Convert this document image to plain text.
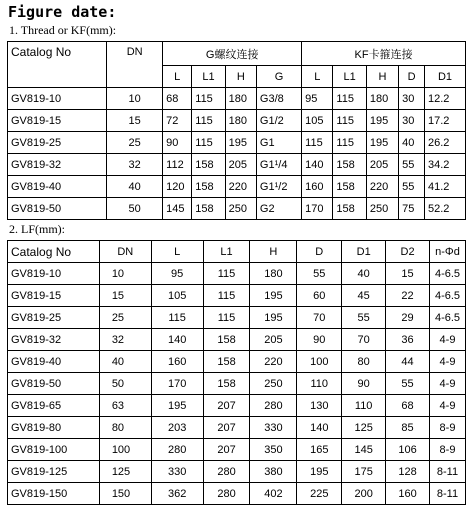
Figure date:
1. Thread or KF(mm):
Catalog No	DN	G螺纹连接				KF卡箍连接				
		L	L1	H	G	L	L1	H	D	D1
GV819-10	10	68	115	180	G3/8	95	115	180	30	12.2
GV819-15	15	72	115	180	G1/2	105	115	195	30	17.2
GV819-25	25	90	115	195	G1	115	115	195	40	26.2
GV819-32	32	112	158	205	G1¹/4	140	158	205	55	34.2
GV819-40	40	120	158	220	G1¹/2	160	158	220	55	41.2
GV819-50	50	145	158	250	G2	170	158	250	75	52.2
2. LF(mm):
Catalog No	DN	L	L1	H	D	D1	D2	n-Φd
GV819-10	10	95	115	180	55	40	15	4-6.5
GV819-15	15	105	115	195	60	45	22	4-6.5
GV819-25	25	115	115	195	70	55	29	4-6.5
GV819-32	32	140	158	205	90	70	36	4-9
GV819-40	40	160	158	220	100	80	44	4-9
GV819-50	50	170	158	250	110	90	55	4-9
GV819-65	63	195	207	280	130	110	68	4-9
GV819-80	80	203	207	330	140	125	85	8-9
GV819-100	100	280	207	350	165	145	106	8-9
GV819-125	125	330	280	380	195	175	128	8-11
GV819-150	150	362	280	402	225	200	160	8-11
